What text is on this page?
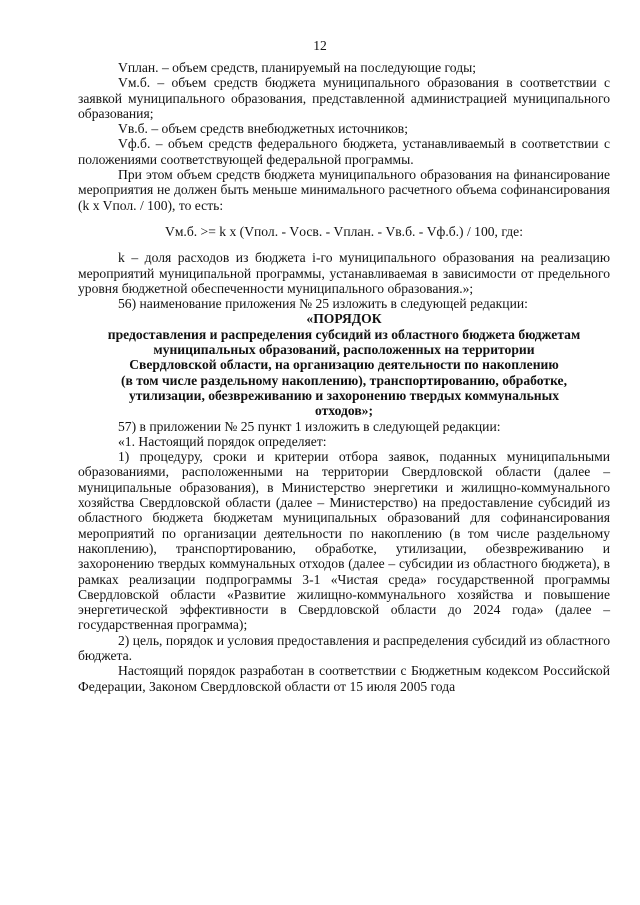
12

Vплан. – объем средств, планируемый на последующие годы;

Vм.б. – объем средств бюджета муниципального образования в соответствии с заявкой муниципального образования, представленной администрацией муниципального образования;

Vв.б. – объем средств внебюджетных источников;

Vф.б. – объем средств федерального бюджета, устанавливаемый в соответствии с положениями соответствующей федеральной программы.

При этом объем средств бюджета муниципального образования на финансирование мероприятия не должен быть меньше минимального расчетного объема софинансирования (k x Vпол. / 100), то есть:

Vм.б. >= k x (Vпол. - Vосв. - Vплан. - Vв.б. - Vф.б.) / 100, где:

k – доля расходов из бюджета i-го муниципального образования на реализацию мероприятий муниципальной программы, устанавливаемая в зависимости от предельного уровня бюджетной обеспеченности муниципального образования.»;

56) наименование приложения № 25 изложить в следующей редакции:

«ПОРЯДОК
предоставления и распределения субсидий из областного бюджета бюджетам
муниципальных образований, расположенных на территории
Свердловской области, на организацию деятельности по накоплению
(в том числе раздельному накоплению), транспортированию, обработке,
утилизации, обезвреживанию и захоронению твердых коммунальных
отходов»;

57) в приложении № 25 пункт 1 изложить в следующей редакции:

«1. Настоящий порядок определяет:

1) процедуру, сроки и критерии отбора заявок, поданных муниципальными образованиями, расположенными на территории Свердловской области (далее – муниципальные образования), в Министерство энергетики и жилищно-коммунального хозяйства Свердловской области (далее – Министерство) на предоставление субсидий из областного бюджета бюджетам муниципальных образований для софинансирования мероприятий по организации деятельности по накоплению (в том числе раздельному накоплению), транспортированию, обработке, утилизации, обезвреживанию и захоронению твердых коммунальных отходов (далее – субсидии из областного бюджета), в рамках реализации подпрограммы 3-1 «Чистая среда» государственной программы Свердловской области «Развитие жилищно-коммунального хозяйства и повышение энергетической эффективности в Свердловской области до 2024 года» (далее – государственная программа);

2) цель, порядок и условия предоставления и распределения субсидий из областного бюджета.

Настоящий порядок разработан в соответствии с Бюджетным кодексом Российской Федерации, Законом Свердловской области от 15 июля 2005 года
